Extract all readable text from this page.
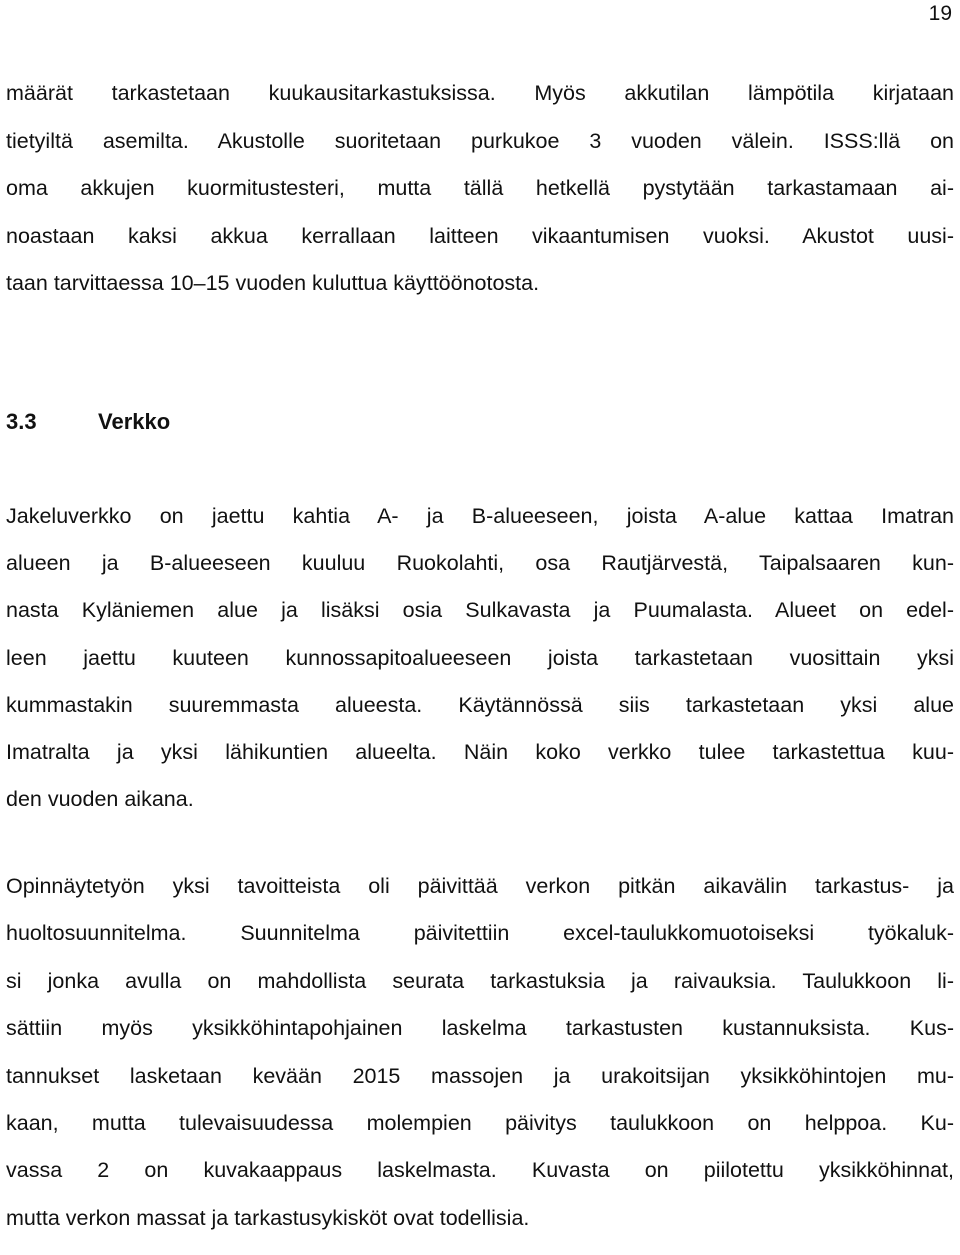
19
määrät tarkastetaan kuukausitarkastuksissa. Myös akkutilan lämpötila kirjataan
tietyiltä asemilta. Akustolle suoritetaan purkukoe 3 vuoden välein. ISSS:llä on
oma akkujen kuormitustesteri, mutta tällä hetkellä pystytään tarkastamaan ai-
noastaan kaksi akkua kerrallaan laitteen vikaantumisen vuoksi. Akustot uusi-
taan tarvittaessa 10–15 vuoden kuluttua käyttöönotosta.
3.3	Verkko
Jakeluverkko on jaettu kahtia A- ja B-alueeseen, joista A-alue kattaa Imatran
alueen ja B-alueeseen kuuluu Ruokolahti, osa Rautjärvestä, Taipalsaaren kun-
nasta Kyläniemen alue ja lisäksi osia Sulkavasta ja Puumalasta. Alueet on edel-
leen jaettu kuuteen kunnossapitoalueeseen joista tarkastetaan vuosittain yksi
kummastakin suuremmasta alueesta. Käytännössä siis tarkastetaan yksi alue
Imatralta ja yksi lähikuntien alueelta. Näin koko verkko tulee tarkastettua kuu-
den vuoden aikana.
Opinnäytetyön yksi tavoitteista oli päivittää verkon pitkän aikavälin tarkastus- ja
huoltosuunnitelma. Suunnitelma päivitettiin excel-taulukkomuotoiseksi työkaluk-
si jonka avulla on mahdollista seurata tarkastuksia ja raivauksia. Taulukkoon li-
sättiin myös yksikköhintapohjainen laskelma tarkastusten kustannuksista. Kus-
tannukset lasketaan kevään 2015 massojen ja urakoitsijan yksikköhintojen mu-
kaan, mutta tulevaisuudessa molempien päivitys taulukkoon on helppoa. Ku-
vassa 2 on kuvakaappaus laskelmasta. Kuvasta on piilotettu yksikköhinnat,
mutta verkon massat ja tarkastusykisköt ovat todellisia.
